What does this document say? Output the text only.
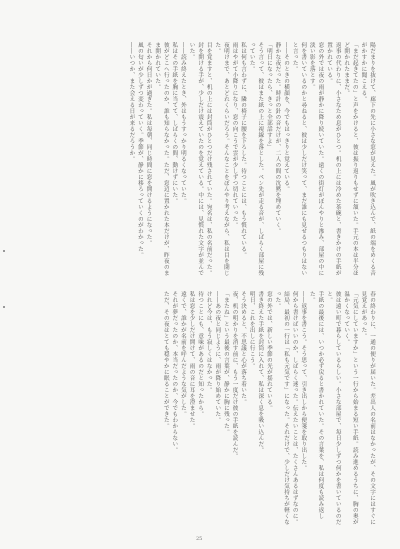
陽だまりを抜けて、廊下の先に小さな窓が見えた。風が吹き込んで、紙の端をめくる音がかすかに聞こえる。
「まだ起きてたの」と声をかけると、彼は振り返りもせずに頷いた。手元の本は半分ほど開かれたままだ。
返事の代わりに、小さなため息がひとつ。机の上には冷めた茶碗と、書きかけの手紙が置かれている。
窓の外では夜の雨が静かに降り続いていた。遠くの街灯がぼんやりと滲み、部屋の中に淡い影を落とす。
何を書いているのかと尋ねると、彼は少しだけ笑って、まだ誰にも見せるつもりはないと言った。
――そのときの横顔を、今でもはっきりと覚えている。
静かな夜だった。時計の針の音だけが、二人の間の沈黙を埋めていく。
「明日になったら、きっと全部話すよ」
そう言って、彼はまた紙の上に視線を落とした。ペン先が走る音が、しばらく部屋に残っていた。
私は何も言わずに、隣の椅子に腰を下ろした。待つことには、もう慣れている。
雨はやがて小降りになり、窓の向こうで雲が少しずつ切れていった。
夜明けまで、あとどれくらいだろう。そんなことをぼんやり考えながら、私は目を閉じた。
目を覚ますと、机の上には封筒がひとつだけ残されていた。宛名は、私の名前だった。
封を開ける手が、少しだけ震えていたのを覚えている。中には、見慣れた文字が並んでいた。
――読み終えたとき、外はもうすっかり明るくなっていた。
私はその手紙を胸に当てて、しばらくの間、動けずにいた。
彼がどこへ行ったのか、誰も知らなかった。ただ、窓辺に置かれた本だけが、昨夜のまま開かれていた。
それから何日かが過ぎた。私は毎朝、同じ時間に窓を開けるようになった。
風の匂いが少しずつ変わっていく。季節が、静かに移ろっていくのがわかった。
――いつか、また会える日が来るだろうか。
春の終わりに、一通の便りが届いた。差出人の名前はなかったが、その文字にはすぐに見覚えがあった。
「元気にしていますか」という一行から始まる短い手紙。読み進めるうちに、胸の奥が温かくなっていく。
彼は遠い町で暮らしているらしい。小さな部屋で、毎日少しずつ何かを書いているのだと。
手紙の最後には、いつか必ず戻ると書かれていた。その言葉を、私は何度も読み返した。
――返事を書こう。そう思って、引き出しから便箋を取り出した。
何から書けばいいのか、しばらく迷った。伝えたいことは、たくさんあるはずなのに。
結局、最初の一行は「私も元気です」になった。それだけで、少しだけ気持ちが軽くなった。
窓の外では、新しい季節の光が揺れている。
書き終えた手紙を封筒に入れて、私は深く息を吸い込んだ。
明日、これを出しに行こう。
そう決めると、不思議と心が落ち着いた。
夜、机の明かりを消す前に、もう一度だけ彼の手紙を読んだ。
「またね」という最後の言葉が、静かに胸に残った。
――あの夜と同じように、雨が降り始めていた。
けれど今は、もう寂しくはなかった。
待つことにも、意味があるのだと知ったから。
私は窓を少しだけ開けて、雨の音に耳を澄ませた。
遠くで、誰かが名前を呼んだような気がした。
それが夢だったのか、本当だったのか、今でもわからない。
ただ、その夜はとても穏やかに眠ることができた。
25
